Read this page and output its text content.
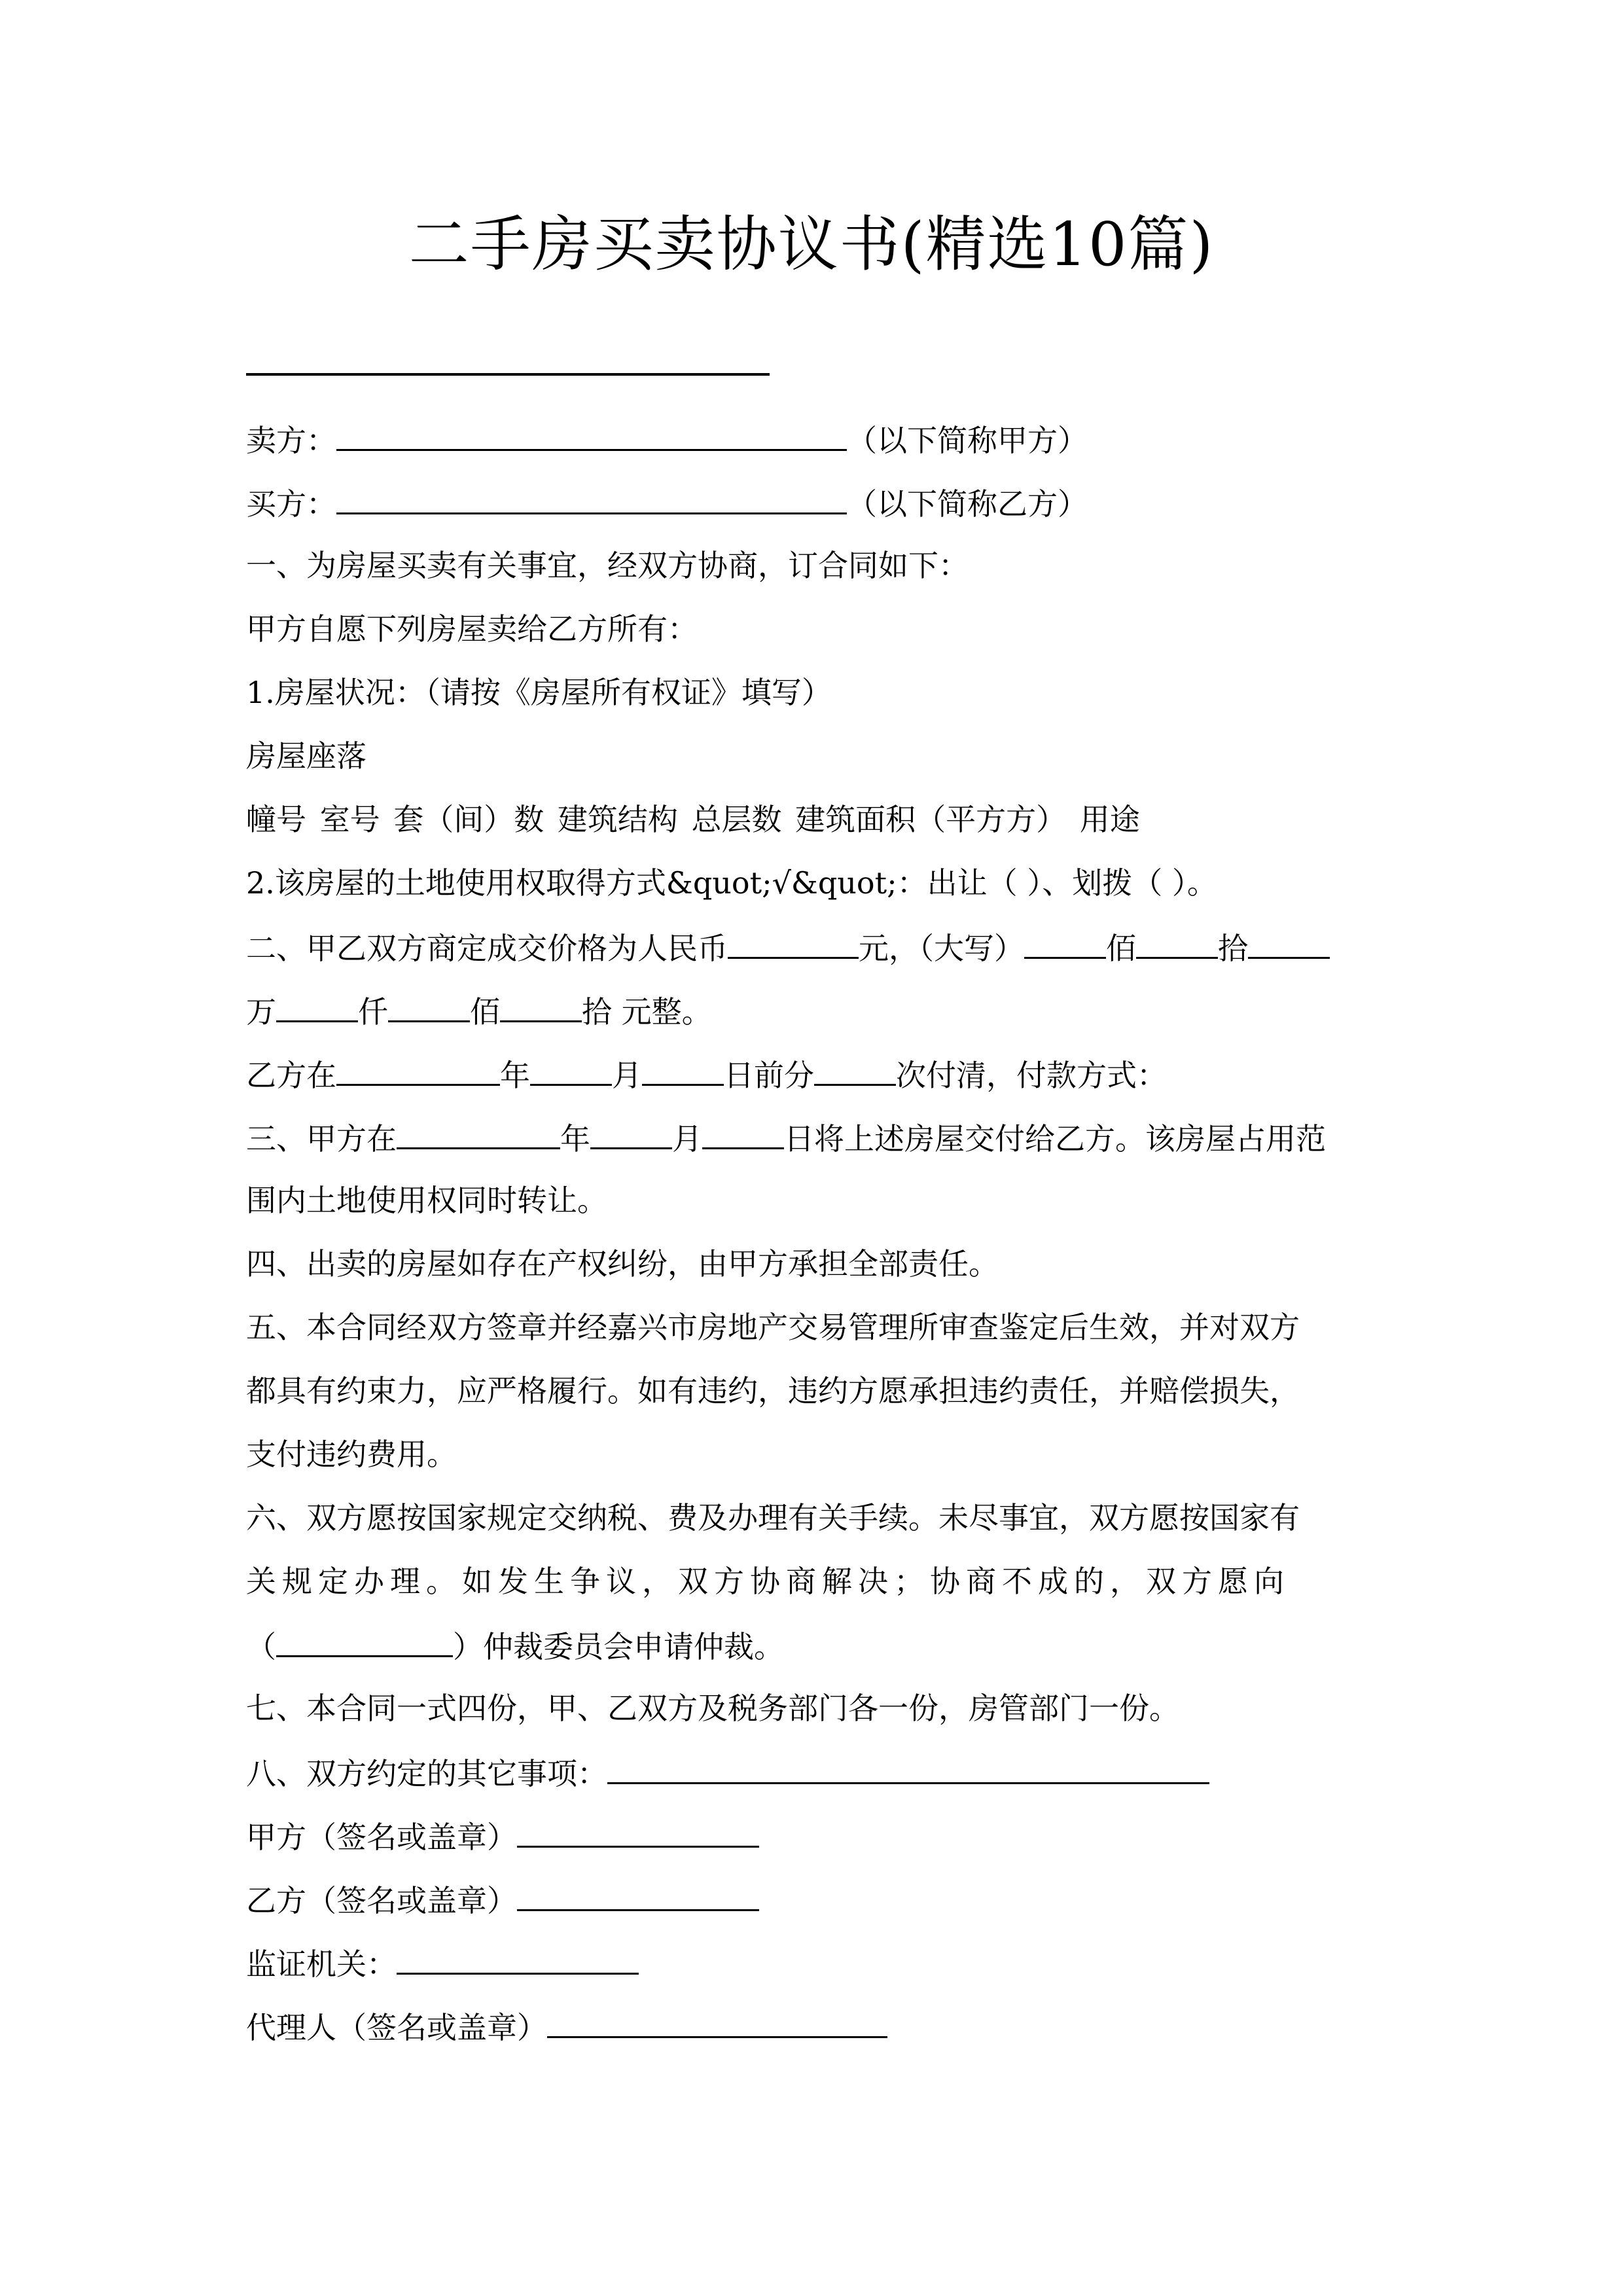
二手房买卖协议书(精选10篇)
卖方：	（以下简称甲方）
买方：	（以下简称乙方）
一、为房屋买卖有关事宜，经双方协商，订合同如下：
甲方自愿下列房屋卖给乙方所有：
1.房屋状况：（请按《房屋所有权证》填写）
房屋座落
幢号 室号 套（间）数 建筑结构 总层数 建筑面积（平方方） 用途
2.该房屋的土地使用权取得方式&quot;√&quot;：出让（ ）、划拨（ ）。
二、甲乙双方商定成交价格为人民币	元，（大写）	佰	拾
万	仟	佰	拾 元整。
乙方在	年	月	日前分	次付清，付款方式：
三、甲方在	年	月	日将上述房屋交付给乙方。该房屋占用范
围内土地使用权同时转让。
四、出卖的房屋如存在产权纠纷，由甲方承担全部责任。
五、本合同经双方签章并经嘉兴市房地产交易管理所审查鉴定后生效，并对双方
都具有约束力，应严格履行。如有违约，违约方愿承担违约责任，并赔偿损失，
支付违约费用。
六、双方愿按国家规定交纳税、费及办理有关手续。未尽事宜，双方愿按国家有
关规定办理。如发生争议，双方协商解决；协商不成的，双方愿向
（	）仲裁委员会申请仲裁。
七、本合同一式四份，甲、乙双方及税务部门各一份，房管部门一份。
八、双方约定的其它事项：
甲方（签名或盖章）
乙方（签名或盖章）
监证机关：
代理人（签名或盖章）
